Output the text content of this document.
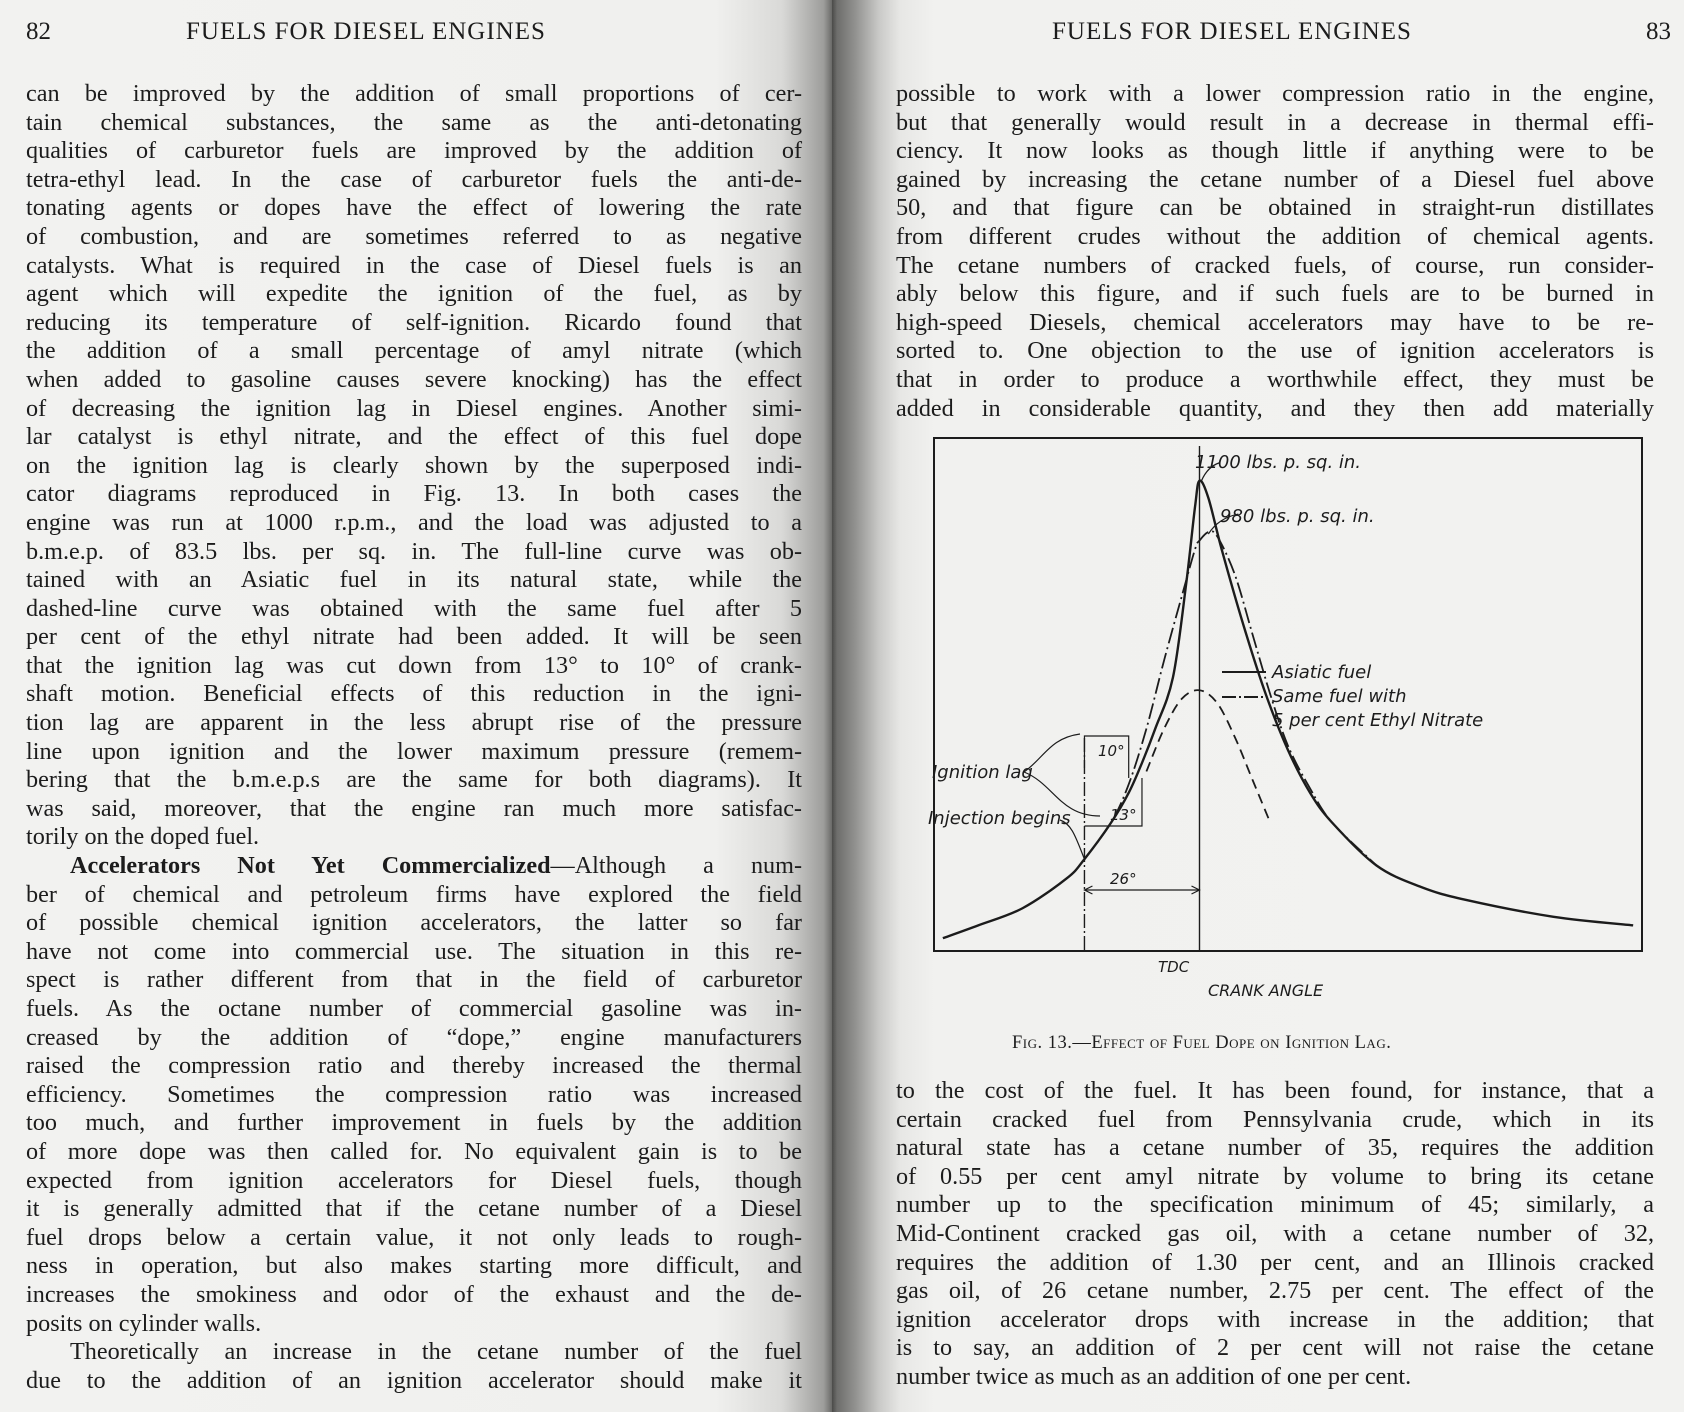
82	FUELS FOR DIESEL ENGINES
can be improved by the addition of small proportions of cer-
tain chemical substances, the same as the anti-detonating
qualities of carburetor fuels are improved by the addition of
tetra-ethyl lead. In the case of carburetor fuels the anti-de-
tonating agents or dopes have the effect of lowering the rate
of combustion, and are sometimes referred to as negative
catalysts. What is required in the case of Diesel fuels is an
agent which will expedite the ignition of the fuel, as by
reducing its temperature of self-ignition. Ricardo found that
the addition of a small percentage of amyl nitrate (which
when added to gasoline causes severe knocking) has the effect
of decreasing the ignition lag in Diesel engines. Another simi-
lar catalyst is ethyl nitrate, and the effect of this fuel dope
on the ignition lag is clearly shown by the superposed indi-
cator diagrams reproduced in Fig. 13. In both cases the
engine was run at 1000 r.p.m., and the load was adjusted to a
b.m.e.p. of 83.5 lbs. per sq. in. The full-line curve was ob-
tained with an Asiatic fuel in its natural state, while the
dashed-line curve was obtained with the same fuel after 5
per cent of the ethyl nitrate had been added. It will be seen
that the ignition lag was cut down from 13° to 10° of crank-
shaft motion. Beneficial effects of this reduction in the igni-
tion lag are apparent in the less abrupt rise of the pressure
line upon ignition and the lower maximum pressure (remem-
bering that the b.m.e.p.s are the same for both diagrams). It
was said, moreover, that the engine ran much more satisfac-
torily on the doped fuel.
Accelerators Not Yet Commercialized—Although a num-
ber of chemical and petroleum firms have explored the field
of possible chemical ignition accelerators, the latter so far
have not come into commercial use. The situation in this re-
spect is rather different from that in the field of carburetor
fuels. As the octane number of commercial gasoline was in-
creased by the addition of “dope,” engine manufacturers
raised the compression ratio and thereby increased the thermal
efficiency. Sometimes the compression ratio was increased
too much, and further improvement in fuels by the addition
of more dope was then called for. No equivalent gain is to be
expected from ignition accelerators for Diesel fuels, though
it is generally admitted that if the cetane number of a Diesel
fuel drops below a certain value, it not only leads to rough-
ness in operation, but also makes starting more difficult, and
increases the smokiness and odor of the exhaust and the de-
posits on cylinder walls.
Theoretically an increase in the cetane number of the fuel
due to the addition of an ignition accelerator should make it
FUELS FOR DIESEL ENGINES	83
possible to work with a lower compression ratio in the engine,
but that generally would result in a decrease in thermal effi-
ciency. It now looks as though little if anything were to be
gained by increasing the cetane number of a Diesel fuel above
50, and that figure can be obtained in straight-run distillates
from different crudes without the addition of chemical agents.
The cetane numbers of cracked fuels, of course, run consider-
ably below this figure, and if such fuels are to be burned in
high-speed Diesels, chemical accelerators may have to be re-
sorted to. One objection to the use of ignition accelerators is
that in order to produce a worthwhile effect, they must be
added in considerable quantity, and they then add materially
1100 lbs. p. sq. in.
980 lbs. p. sq. in.
Asiatic fuel
Same fuel with
5 per cent Ethyl Nitrate
Ignition lag
Injection begins
10°
13°
26°
TDC
CRANK ANGLE
Fig. 13.—Effect of Fuel Dope on Ignition Lag.
to the cost of the fuel. It has been found, for instance, that a
certain cracked fuel from Pennsylvania crude, which in its
natural state has a cetane number of 35, requires the addition
of 0.55 per cent amyl nitrate by volume to bring its cetane
number up to the specification minimum of 45; similarly, a
Mid-Continent cracked gas oil, with a cetane number of 32,
requires the addition of 1.30 per cent, and an Illinois cracked
gas oil, of 26 cetane number, 2.75 per cent. The effect of the
ignition accelerator drops with increase in the addition; that
is to say, an addition of 2 per cent will not raise the cetane
number twice as much as an addition of one per cent.
